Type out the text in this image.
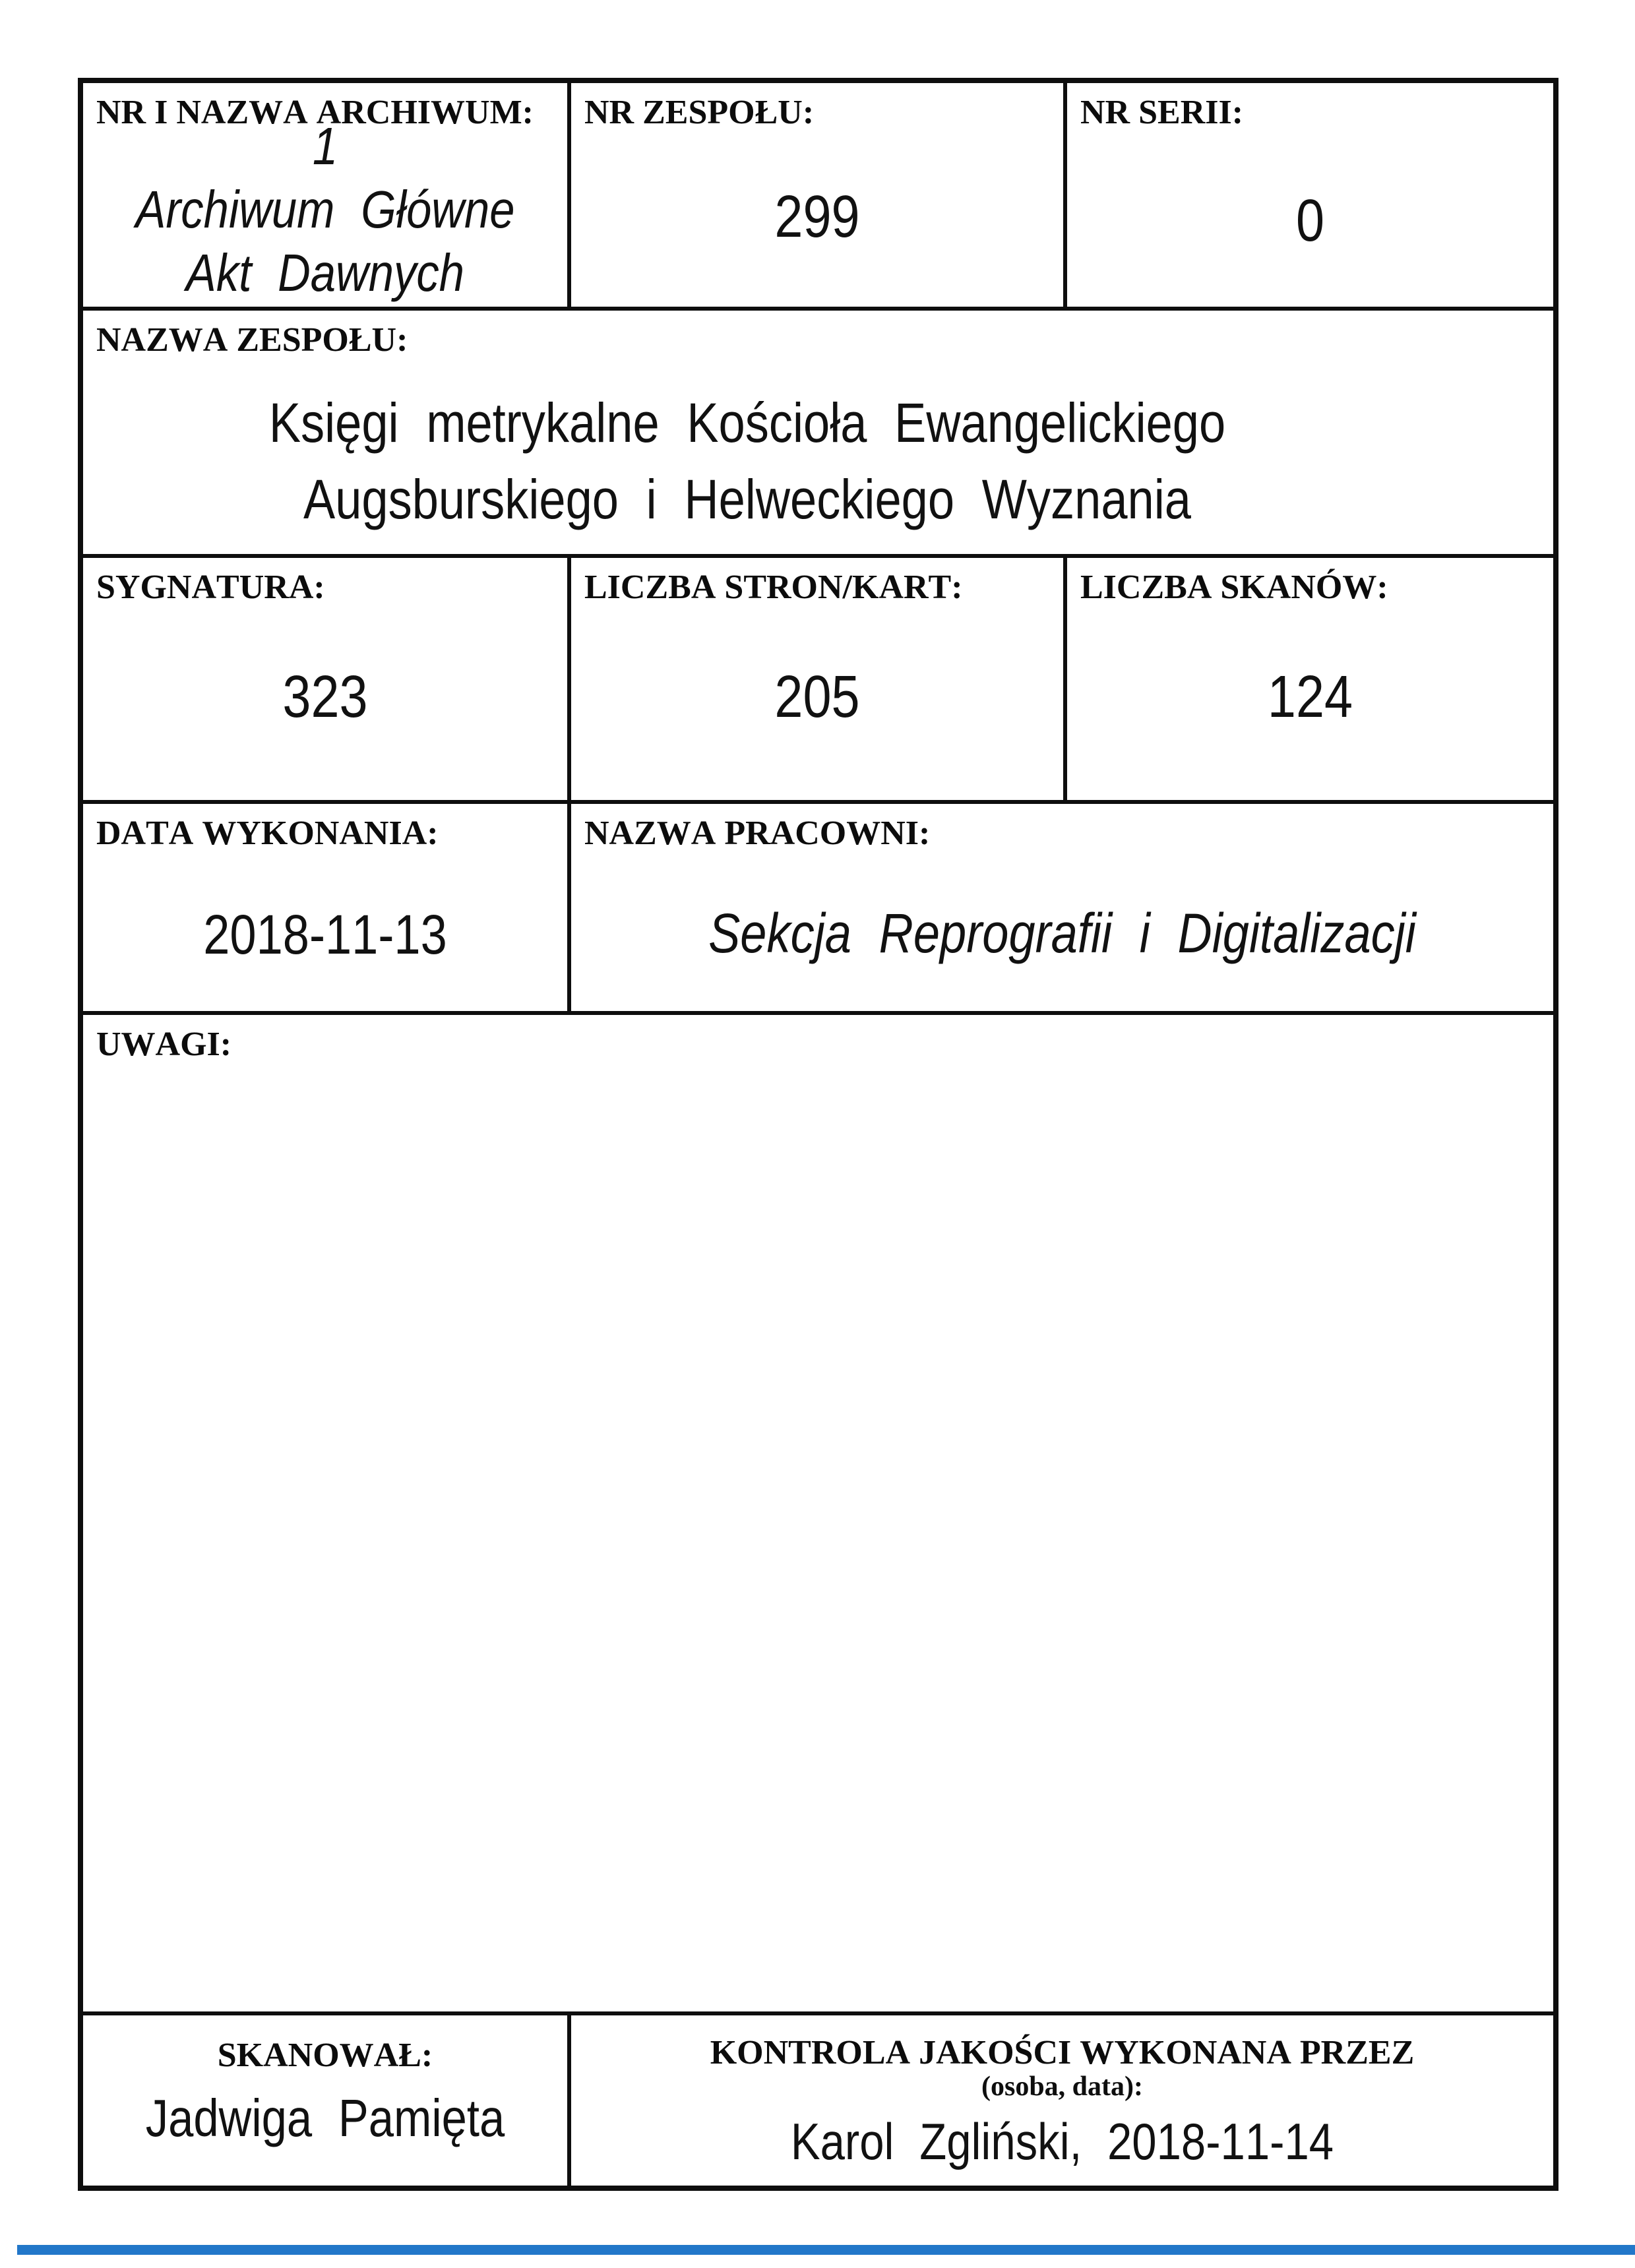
NR I NAZWA ARCHIWUM:
1
Archiwum Główne
Akt Dawnych
NR ZESPOŁU:
299
NR SERII:
0
NAZWA ZESPOŁU:
Księgi metrykalne Kościoła Ewangelickiego
Augsburskiego i Helweckiego Wyznania
SYGNATURA:
323
LICZBA STRON/KART:
205
LICZBA SKANÓW:
124
DATA WYKONANIA:
2018-11-13
NAZWA PRACOWNI:
Sekcja Reprografii i Digitalizacji
UWAGI:
SKANOWAŁ:
Jadwiga Pamięta
KONTROLA JAKOŚCI WYKONANA PRZEZ
(osoba, data):
Karol Zgliński, 2018-11-14
